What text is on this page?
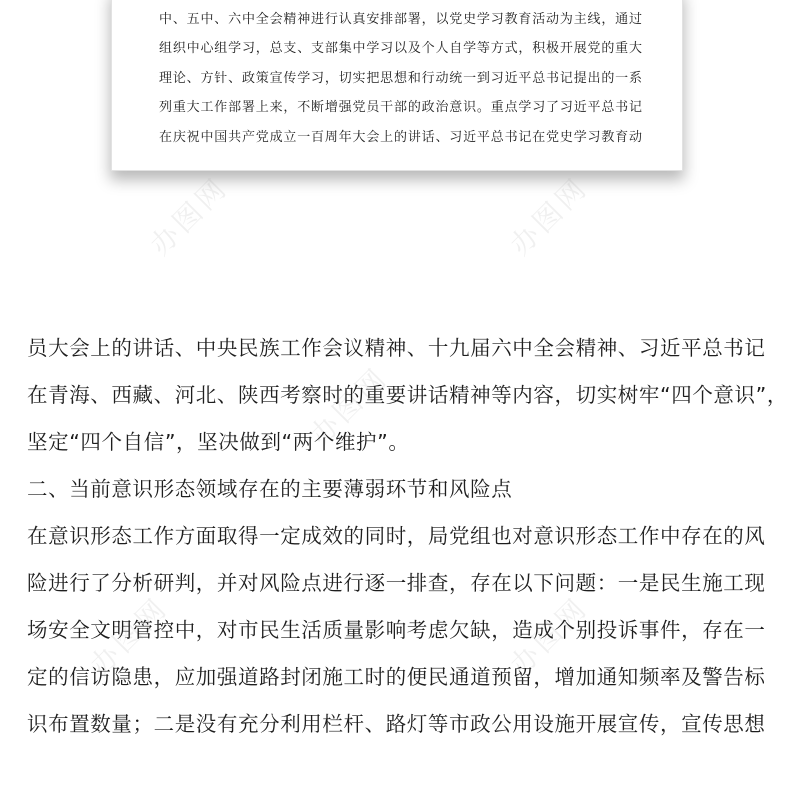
中、五中、六中全会精神进行认真安排部署，以党史学习教育活动为主线，通过
组织中心组学习，总支、支部集中学习以及个人自学等方式，积极开展党的重大
理论、方针、政策宣传学习，切实把思想和行动统一到习近平总书记提出的一系
列重大工作部署上来，不断增强党员干部的政治意识。重点学习了习近平总书记
在庆祝中国共产党成立一百周年大会上的讲话、习近平总书记在党史学习教育动
办图网	办图网
办图网
办图网	办图网
员大会上的讲话、中央民族工作会议精神、十九届六中全会精神、习近平总书记
在青海、西藏、河北、陕西考察时的重要讲话精神等内容，切实树牢“四个意识”，
坚定“四个自信”，坚决做到“两个维护”。
二、当前意识形态领域存在的主要薄弱环节和风险点
在意识形态工作方面取得一定成效的同时，局党组也对意识形态工作中存在的风
险进行了分析研判，并对风险点进行逐一排查，存在以下问题：一是民生施工现
场安全文明管控中，对市民生活质量影响考虑欠缺，造成个别投诉事件，存在一
定的信访隐患，应加强道路封闭施工时的便民通道预留，增加通知频率及警告标
识布置数量；二是没有充分利用栏杆、路灯等市政公用设施开展宣传，宣传思想
